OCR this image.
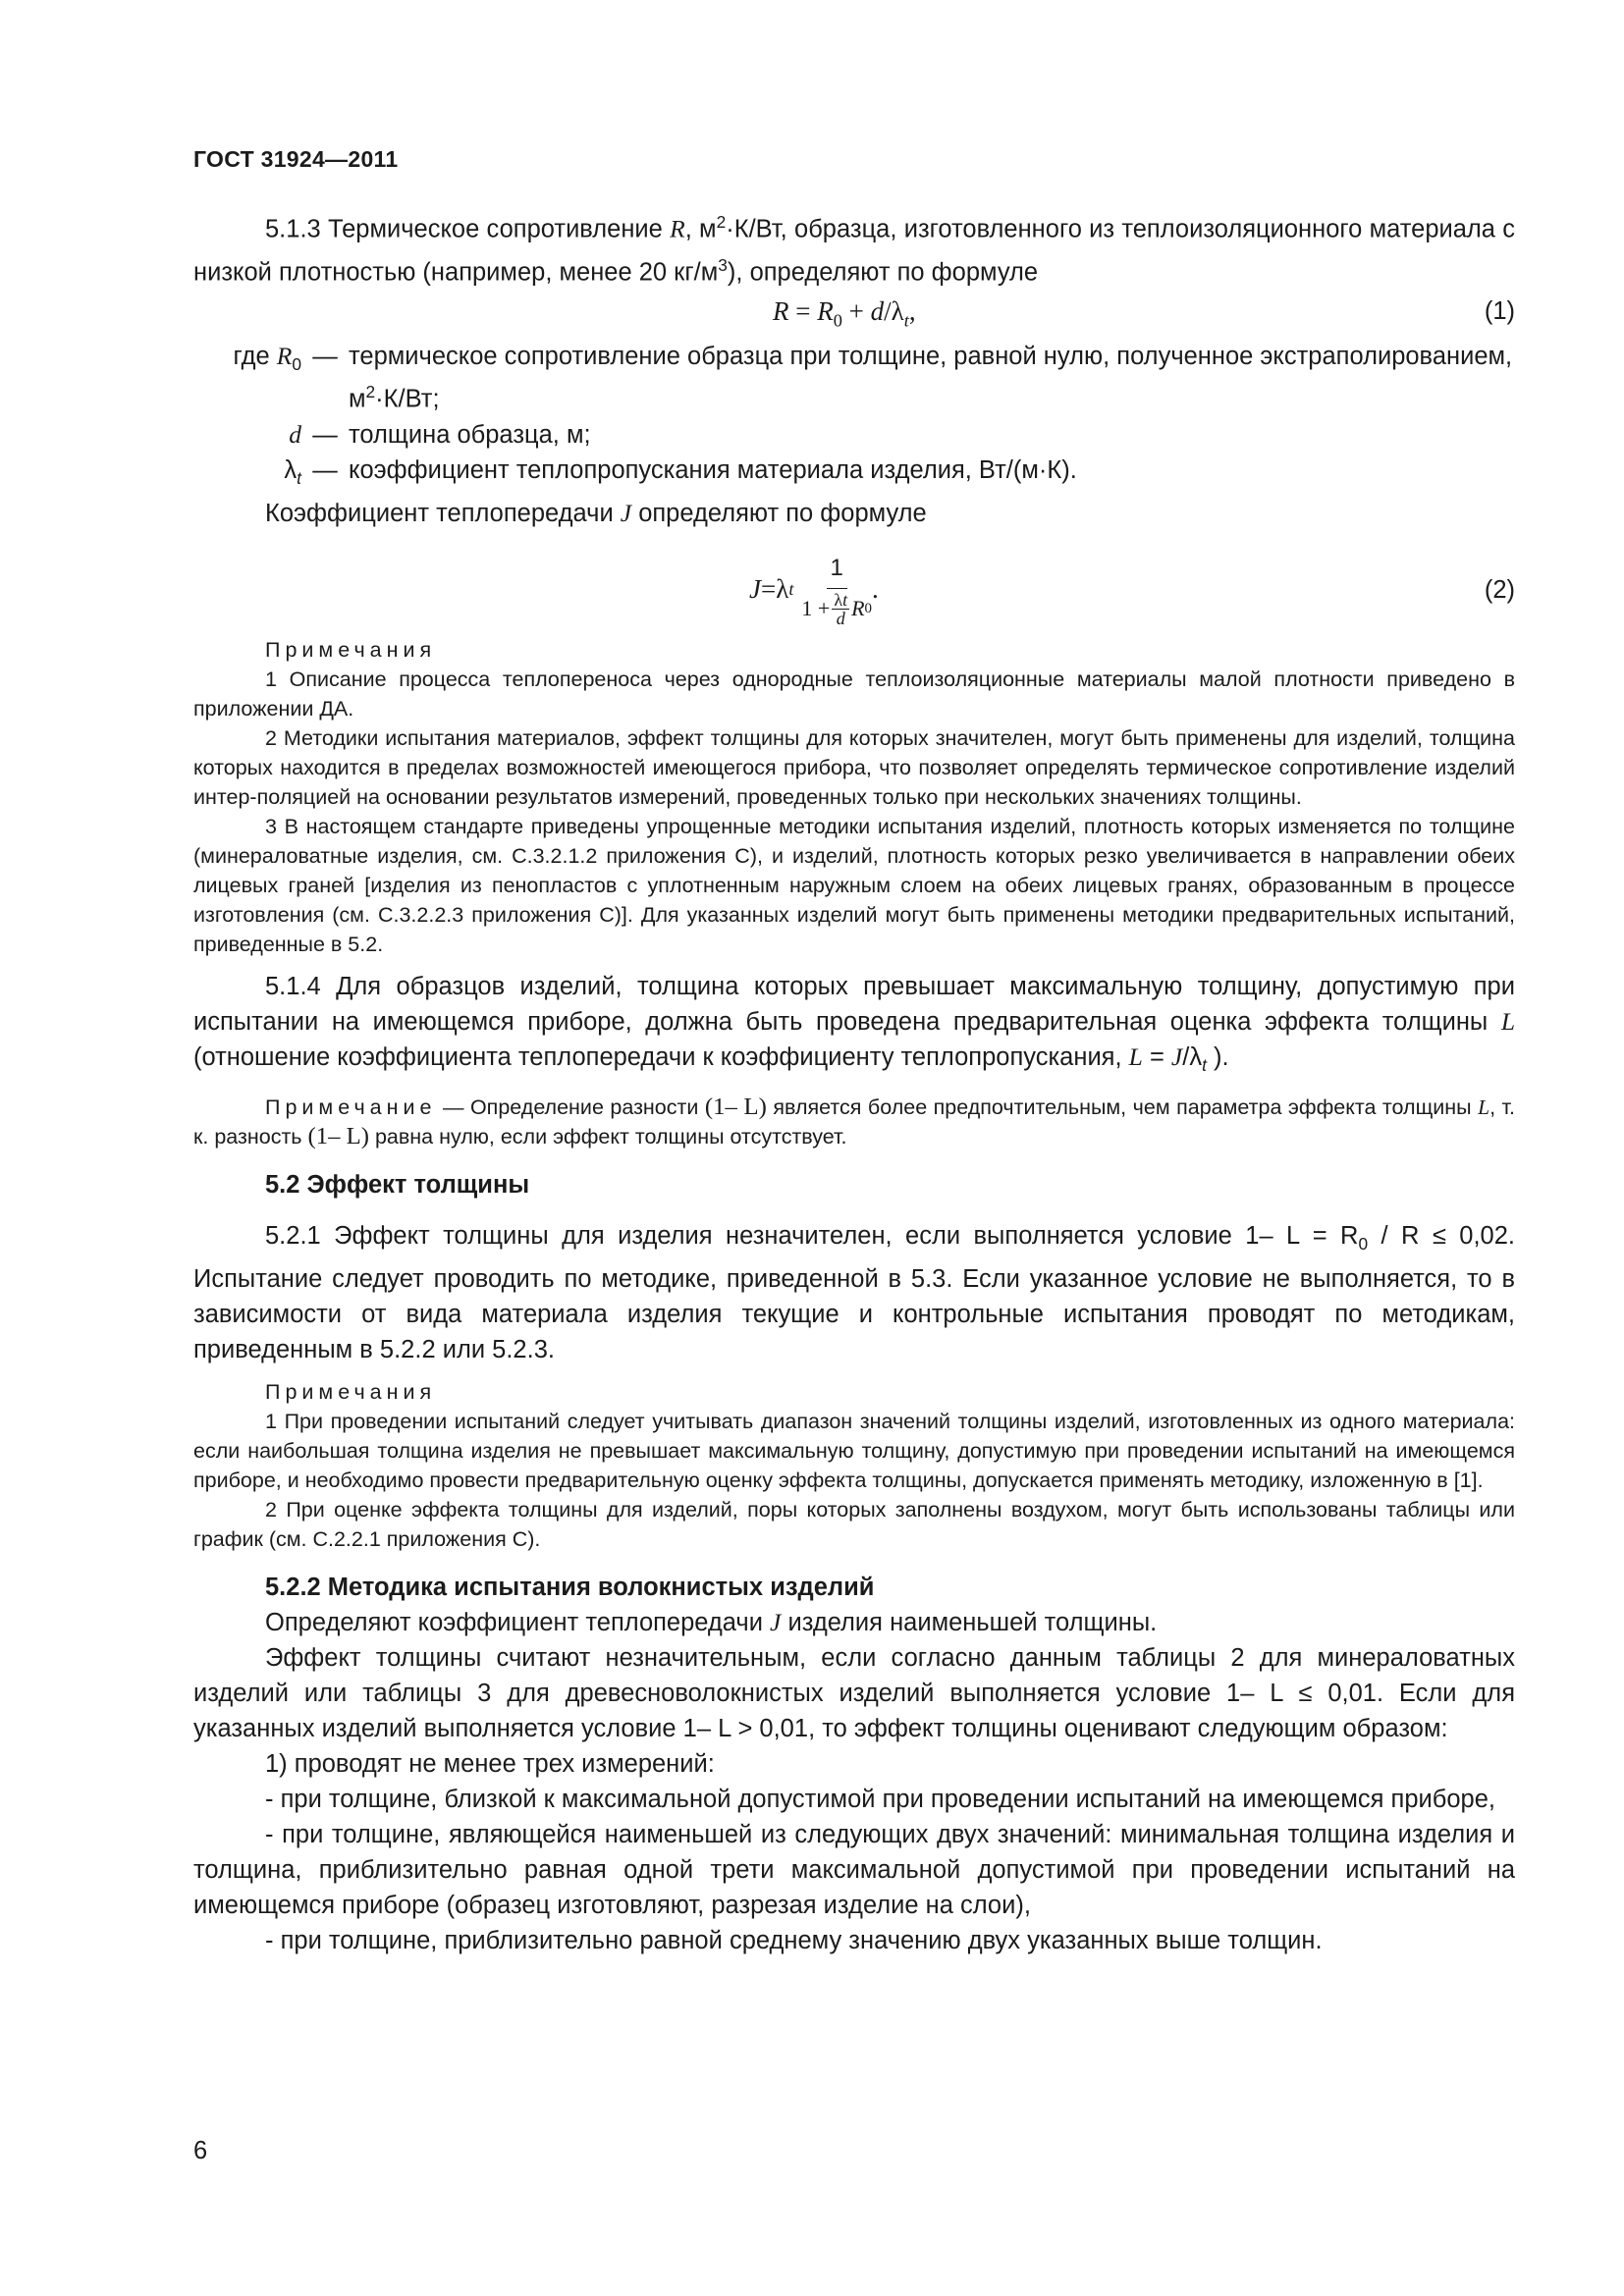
ГОСТ 31924—2011

5.1.3 Термическое сопротивление R, $м^2\cdot К/Вт$, образца, изготовленного из теплоизоляционного материала с низкой плотностью (например, менее 20 $кг/м^3$), определяют по формуле

$R = R_0 + d/\lambda_t$,	(1)
где $R_0$ — термическое сопротивление образца при толщине, равной нулю, полученное экстраполированием, $м^2\cdot К/Вт$;
d — толщина образца, м;
$\lambda_t$ — коэффициент теплопропускания материала изделия, Вт/(м·К).

Коэффициент теплопередачи J определяют по формуле

J = λ t $\frac{1}{1 + \frac{\lambda t}{d} R 0}$ .	(2)

Примечания

1 Описание процесса теплопереноса через однородные теплоизоляционные материалы малой плотности приведено в приложении ДА.

2 Методики испытания материалов, эффект толщины для которых значителен, могут быть применены для изделий, толщина которых находится в пределах возможностей имеющегося прибора, что позволяет определять термическое сопротивление изделий интер-поляцией на основании результатов измерений, проведенных только при нескольких значениях толщины.

3 В настоящем стандарте приведены упрощенные методики испытания изделий, плотность которых изменяется по толщине (минераловатные изделия, см. С.3.2.1.2 приложения С), и изделий, плотность которых резко увеличивается в направлении обеих лицевых граней [изделия из пенопластов с уплотненным наружным слоем на обеих лицевых гранях, образованным в процессе изготовления (см. С.3.2.2.3 приложения С)]. Для указанных изделий могут быть применены методики предварительных испытаний, приведенные в 5.2.

5.1.4 Для образцов изделий, толщина которых превышает максимальную толщину, допустимую при испытании на имеющемся приборе, должна быть проведена предварительная оценка эффекта толщины L (отношение коэффициента теплопередачи к коэффициенту теплопропускания, $L = J/\lambda_t$ ).

Примечание — Определение разности (1– L) является более предпочтительным, чем параметра эффекта толщины L, т. к. разность (1– L) равна нулю, если эффект толщины отсутствует.

5.2 Эффект толщины

5.2.1 Эффект толщины для изделия незначителен, если выполняется условие 1– $L = R_0 / R \le 0,02$. Испытание следует проводить по методике, приведенной в 5.3. Если указанное условие не выполняется, то в зависимости от вида материала изделия текущие и контрольные испытания проводят по методикам, приведенным в 5.2.2 или 5.2.3.

Примечания

1 При проведении испытаний следует учитывать диапазон значений толщины изделий, изготовленных из одного материала: если наибольшая толщина изделия не превышает максимальную толщину, допустимую при проведении испытаний на имеющемся приборе, и необходимо провести предварительную оценку эффекта толщины, допускается применять методику, изложенную в [1].

2 При оценке эффекта толщины для изделий, поры которых заполнены воздухом, могут быть использованы таблицы или график (см. С.2.2.1 приложения С).

5.2.2 Методика испытания волокнистых изделий

Определяют коэффициент теплопередачи J изделия наименьшей толщины.

Эффект толщины считают незначительным, если согласно данным таблицы 2 для минераловатных изделий или таблицы 3 для древесноволокнистых изделий выполняется условие 1– L ≤ 0,01. Если для указанных изделий выполняется условие 1– L > 0,01, то эффект толщины оценивают следующим образом:

1) проводят не менее трех измерений:

- при толщине, близкой к максимальной допустимой при проведении испытаний на имеющемся приборе,

- при толщине, являющейся наименьшей из следующих двух значений: минимальная толщина изделия и толщина, приблизительно равная одной трети максимальной допустимой при проведении испытаний на имеющемся приборе (образец изготовляют, разрезая изделие на слои),

- при толщине, приблизительно равной среднему значению двух указанных выше толщин.

6
